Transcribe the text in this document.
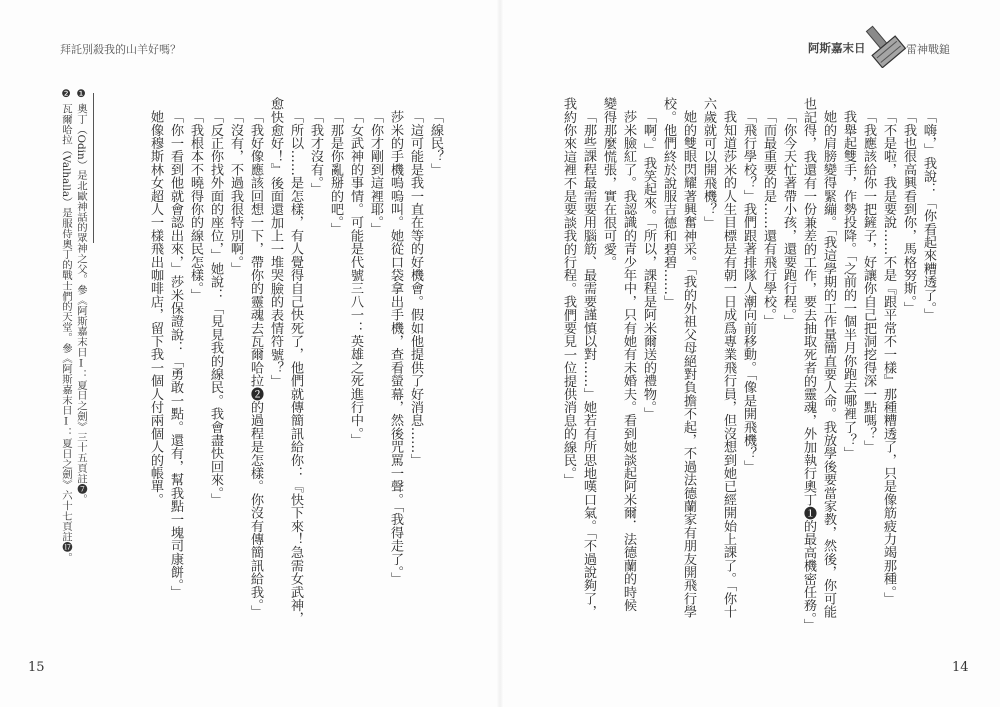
拜託別殺我的山羊好嗎？	阿斯嘉末日	雷神戰鎚
「嗨，」我說：「你看起來糟透了。」
「我也很高興看到你，馬格努斯。」
「不是啦，我是要說……不是『跟平常不一樣』那種糟透了，只是像筋疲力竭那種。」
「我應該給你一把鏟子，好讓你自己把洞挖得深一點嗎？」
我舉起雙手，作勢投降。「之前的一個半月你跑去哪裡了？」
她的肩膀變得緊繃。「我這學期的工作量簡直要人命。我放學後要當家教，然後，你可能
也記得，我還有一份兼差的工作，要去抽取死者的靈魂，外加執行奧丁❶的最高機密任務。」
「你今天忙著帶小孩，還要跑行程。」
「而最重要的是……還有飛行學校。」
「飛行學校？」我們跟著排隊人潮向前移動。「像是開飛機？」
我知道莎米的人生目標是有朝一日成爲專業飛行員，但沒想到她已經開始上課了。「你十
六歲就可以開飛機？」
她的雙眼閃耀著興奮神采。「我的外祖父母絕對負擔不起，不過法德蘭家有朋友開飛行學
校。他們終於說服吉德和碧碧……」
「啊。」我笑起來。「所以，課程是阿米爾送的禮物。」
莎米臉紅了。我認識的青少年中，只有她有未婚夫。看到她談起阿米爾．法德蘭的時候
變得那麼慌張，實在很可愛。
「那些課程最需要用腦筋、最需要謹慎以對……」她若有所思地嘆口氣。「不過說夠了，
我約你來這裡不是要談我的行程。我們要見一位提供消息的線民。」
「線民？」
「這可能是我一直在等的好機會。假如他提供了好消息……」
莎米的手機嗚嗚叫。她從口袋拿出手機，查看螢幕，然後咒罵一聲。「我得走了。」
「你才剛到這裡耶。」
「女武神的事情。可能是代號三八一：英雄之死進行中。」
「那是你亂掰的吧。」
「我才沒有。」
「所以……是怎樣，有人覺得自己快死了，他們就傳簡訊給你：『快下來！急需女武神，
愈快愈好！』後面還加上一堆哭臉的表情符號？」
「我好像應該回想一下，帶你的靈魂去瓦爾哈拉❷的過程是怎樣。你沒有傳簡訊給我。」
「沒有，不過我很特別啊。」
「反正你找外面的座位，」她說：「見見我的線民。我會盡快回來。」
「我根本不曉得你的線民怎樣。」
「你一看到他就會認出來，」莎米保證說：「勇敢一點。還有，幫我點一塊司康餅。」
她像穆斯林女超人一樣飛出咖啡店，留下我一個人付兩個人的帳單。
❶ 奧丁（Odin）是北歐神話的眾神之父。參《阿斯嘉末日Ⅰ：夏日之劍》三十五頁註❼。
❷ 瓦爾哈拉（Valhalla）是服侍奧丁的戰士們的天堂。參《阿斯嘉末日Ⅰ：夏日之劍》六十七頁註⓱。
15	14
